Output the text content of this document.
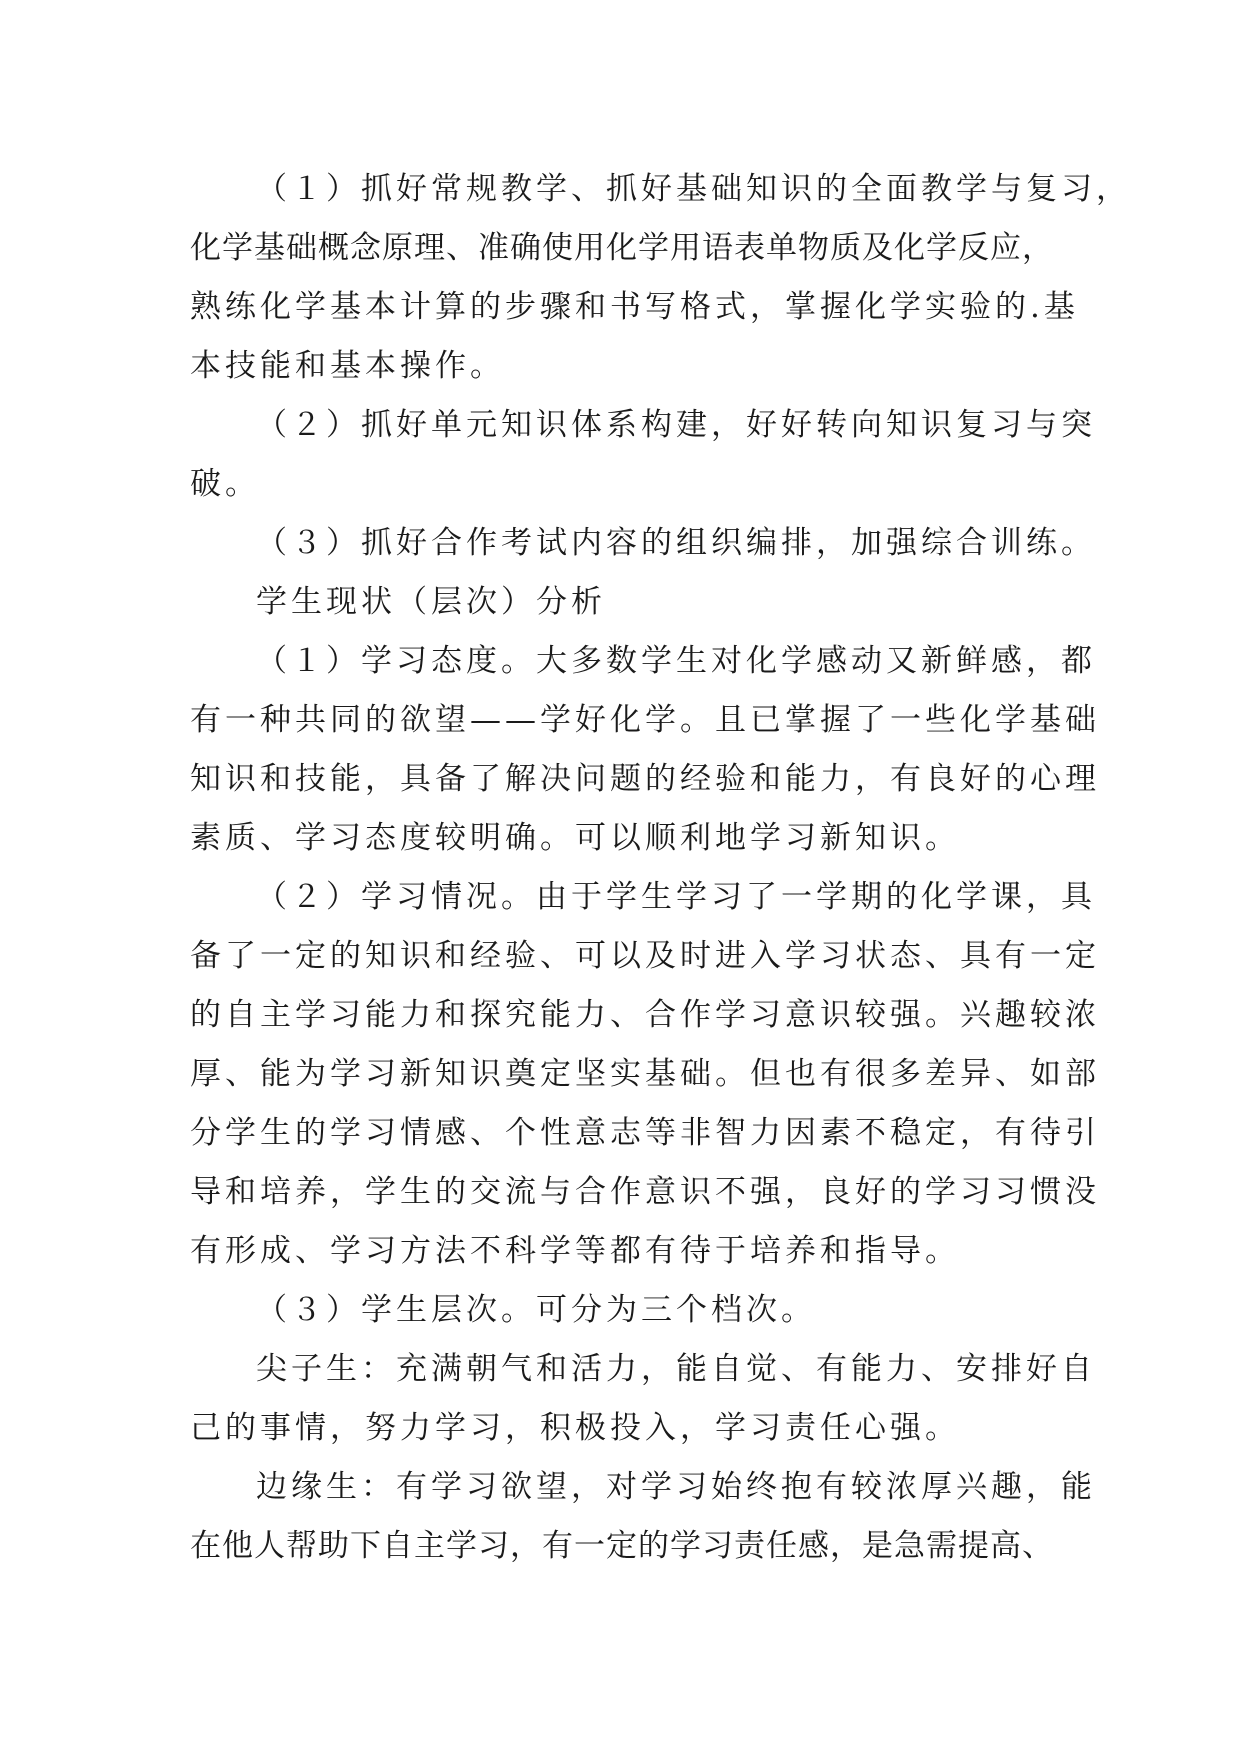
（１）抓好常规教学、抓好基础知识的全面教学与复习，
化学基础概念原理、准确使用化学用语表单物质及化学反应，
熟练化学基本计算的步骤和书写格式，掌握化学实验的.基
本技能和基本操作。
（２）抓好单元知识体系构建，好好转向知识复习与突
破。
（３）抓好合作考试内容的组织编排，加强综合训练。
学生现状（层次）分析
（１）学习态度。大多数学生对化学感动又新鲜感，都
有一种共同的欲望——学好化学。且已掌握了一些化学基础
知识和技能，具备了解决问题的经验和能力，有良好的心理
素质、学习态度较明确。可以顺利地学习新知识。
（２）学习情况。由于学生学习了一学期的化学课，具
备了一定的知识和经验、可以及时进入学习状态、具有一定
的自主学习能力和探究能力、合作学习意识较强。兴趣较浓
厚、能为学习新知识奠定坚实基础。但也有很多差异、如部
分学生的学习情感、个性意志等非智力因素不稳定，有待引
导和培养，学生的交流与合作意识不强，良好的学习习惯没
有形成、学习方法不科学等都有待于培养和指导。
（３）学生层次。可分为三个档次。
尖子生：充满朝气和活力，能自觉、有能力、安排好自
己的事情，努力学习，积极投入，学习责任心强。
边缘生：有学习欲望，对学习始终抱有较浓厚兴趣，能
在他人帮助下自主学习，有一定的学习责任感，是急需提高、
